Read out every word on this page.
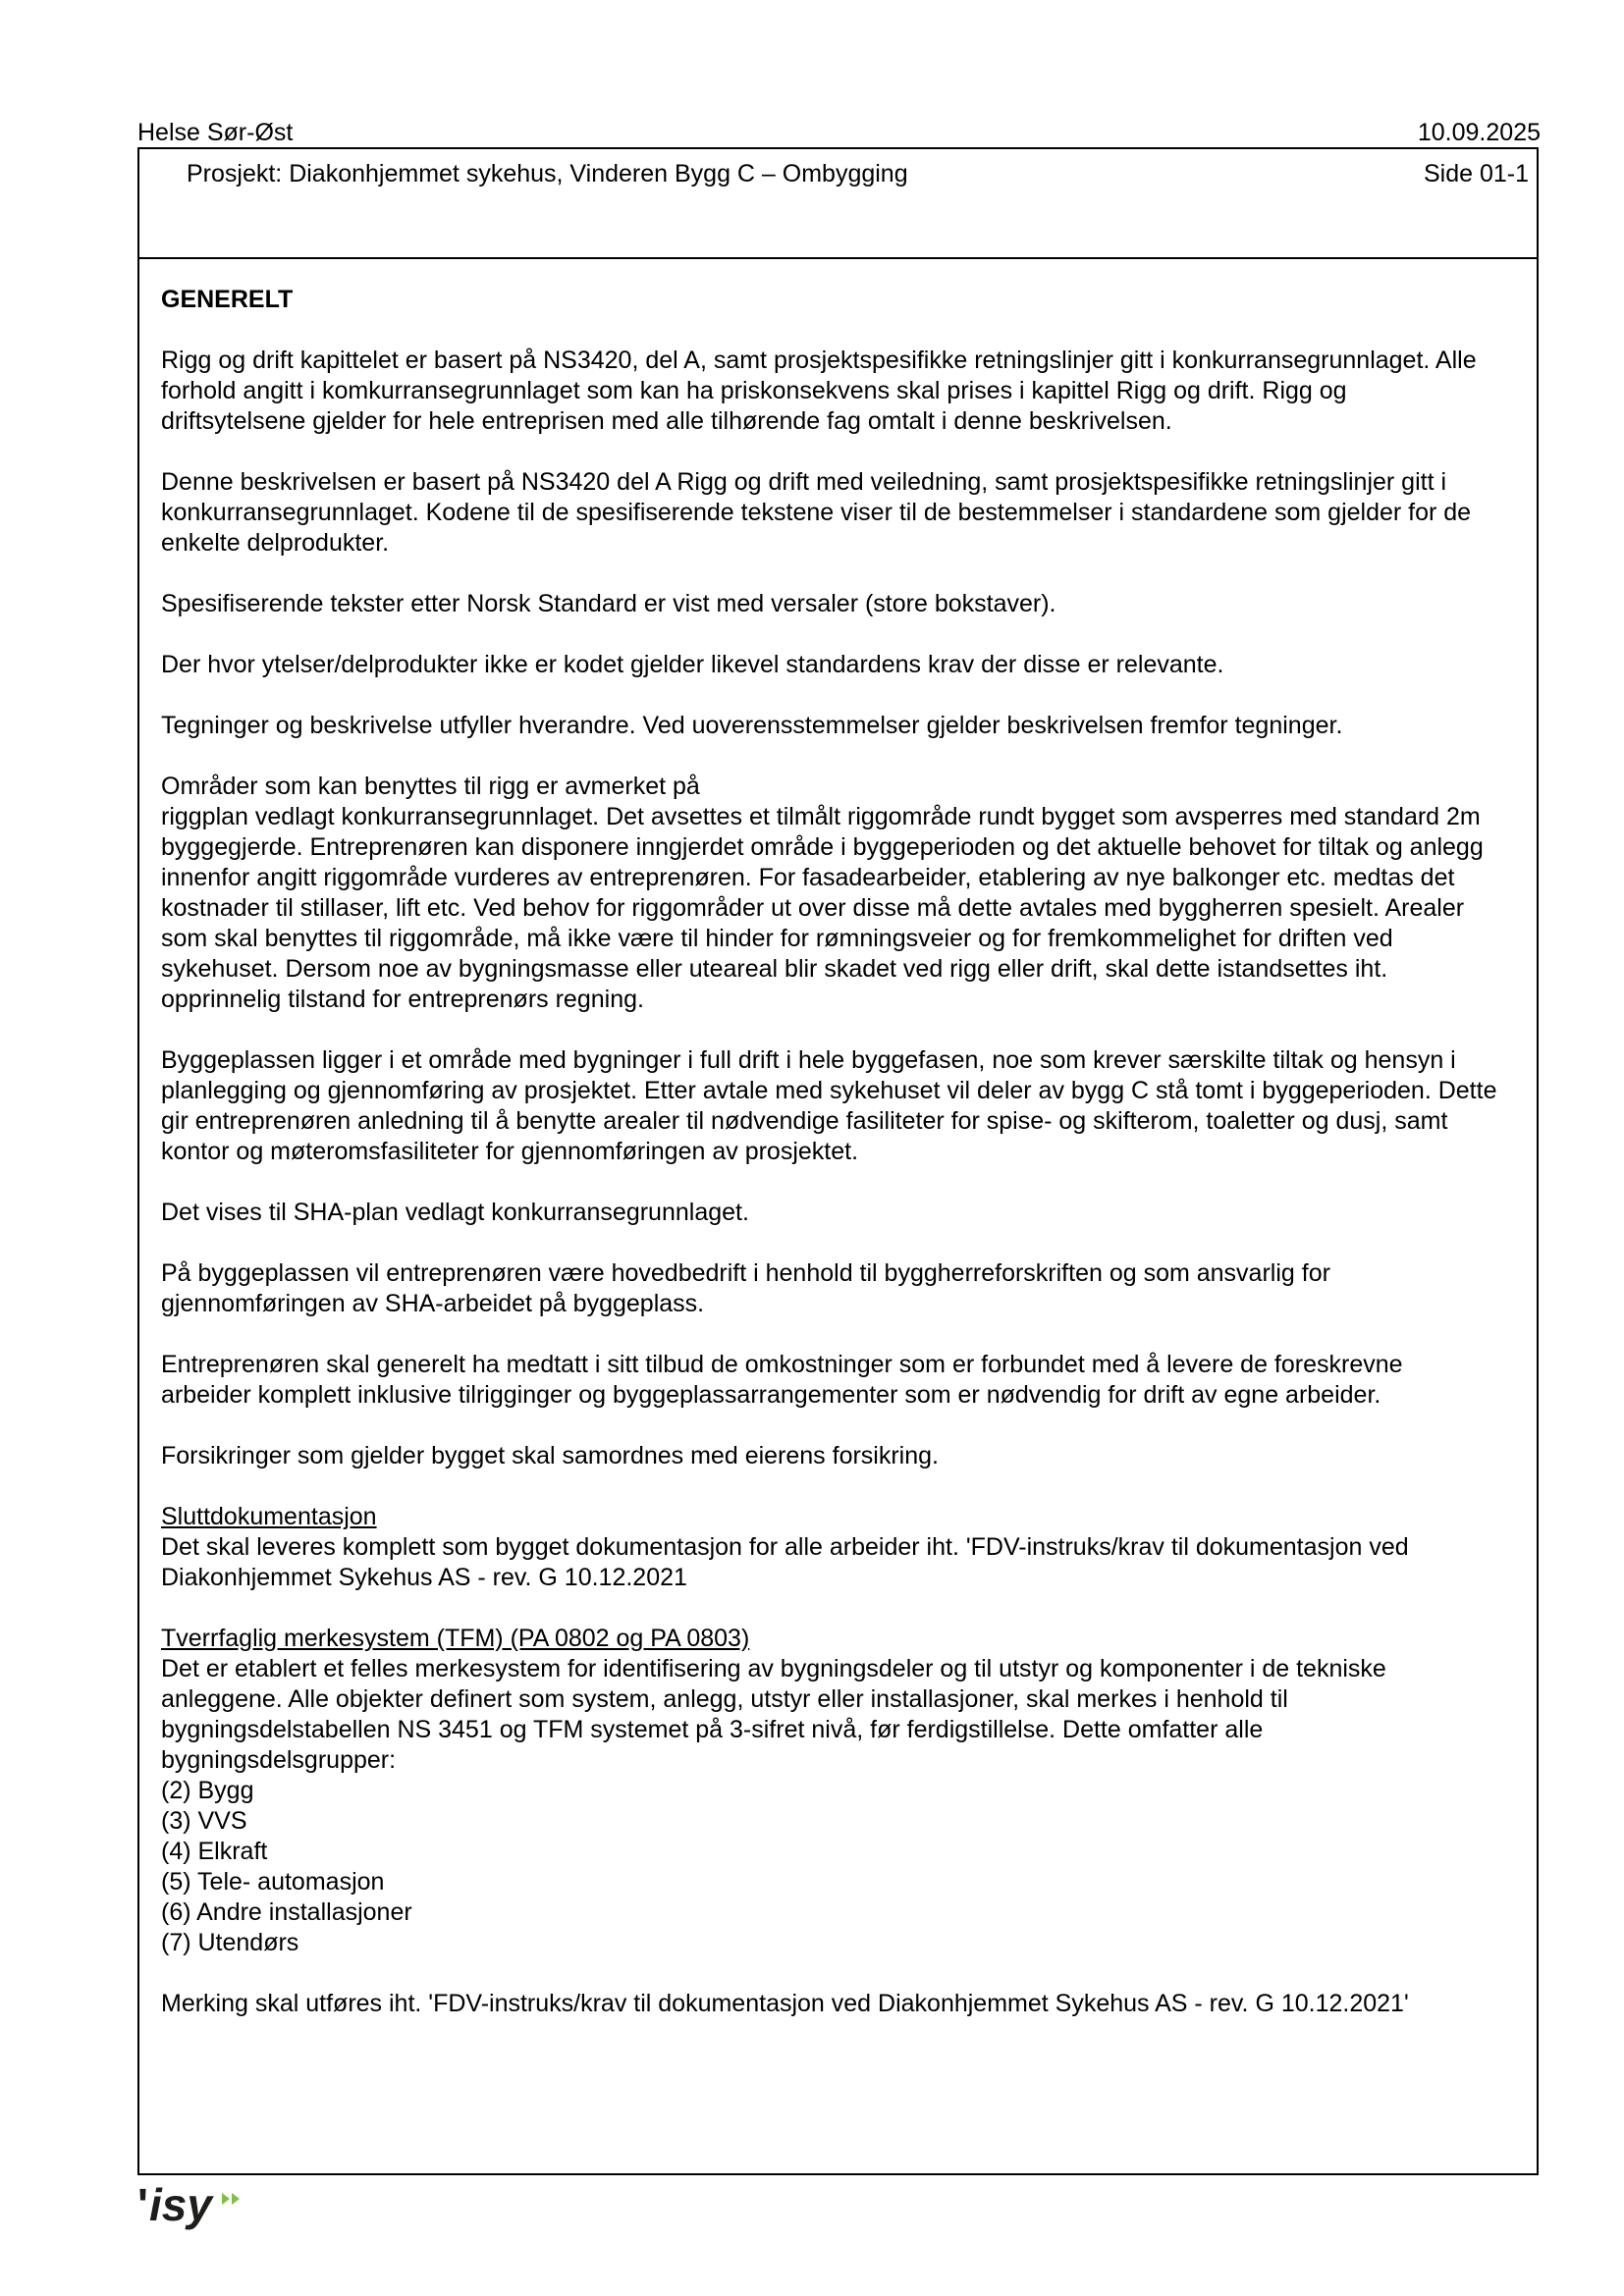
Helse Sør-Øst	10.09.2025
Prosjekt: Diakonhjemmet sykehus, Vinderen Bygg C – Ombygging	Side 01-1
GENERELT

Rigg og drift kapittelet er basert på NS3420, del A, samt prosjektspesifikke retningslinjer gitt i konkurransegrunnlaget. Alle forhold angitt i komkurransegrunnlaget som kan ha priskonsekvens skal prises i kapittel Rigg og drift. Rigg og driftsytelsene gjelder for hele entreprisen med alle tilhørende fag omtalt i denne beskrivelsen.

Denne beskrivelsen er basert på NS3420 del A Rigg og drift med veiledning, samt prosjektspesifikke retningslinjer gitt i konkurransegrunnlaget. Kodene til de spesifiserende tekstene viser til de bestemmelser i standardene som gjelder for de enkelte delprodukter.

Spesifiserende tekster etter Norsk Standard er vist med versaler (store bokstaver).

Der hvor ytelser/delprodukter ikke er kodet gjelder likevel standardens krav der disse er relevante.

Tegninger og beskrivelse utfyller hverandre. Ved uoverensstemmelser gjelder beskrivelsen fremfor tegninger.

Områder som kan benyttes til rigg er avmerket på
riggplan vedlagt konkurransegrunnlaget. Det avsettes et tilmålt riggområde rundt bygget som avsperres med standard 2m byggegjerde. Entreprenøren kan disponere inngjerdet område i byggeperioden og det aktuelle behovet for tiltak og anlegg innenfor angitt riggområde vurderes av entreprenøren. For fasadearbeider, etablering av nye balkonger etc. medtas det kostnader til stillaser, lift etc. Ved behov for riggområder ut over disse må dette avtales med byggherren spesielt. Arealer som skal benyttes til riggområde, må ikke være til hinder for rømningsveier og for fremkommelighet for driften ved sykehuset. Dersom noe av bygningsmasse eller uteareal blir skadet ved rigg eller drift, skal dette istandsettes iht. opprinnelig tilstand for entreprenørs regning.

Byggeplassen ligger i et område med bygninger i full drift i hele byggefasen, noe som krever særskilte tiltak og hensyn i planlegging og gjennomføring av prosjektet. Etter avtale med sykehuset vil deler av bygg C stå tomt i byggeperioden. Dette gir entreprenøren anledning til å benytte arealer til nødvendige fasiliteter for spise- og skifterom, toaletter og dusj, samt kontor og møteromsfasiliteter for gjennomføringen av prosjektet.

Det vises til SHA-plan vedlagt konkurransegrunnlaget.

På byggeplassen vil entreprenøren være hovedbedrift i henhold til byggherreforskriften og som ansvarlig for gjennomføringen av SHA-arbeidet på byggeplass.

Entreprenøren skal generelt ha medtatt i sitt tilbud de omkostninger som er forbundet med å levere de foreskrevne arbeider komplett inklusive tilrigginger og byggeplassarrangementer som er nødvendig for drift av egne arbeider.

Forsikringer som gjelder bygget skal samordnes med eierens forsikring.

Sluttdokumentasjon
Det skal leveres komplett som bygget dokumentasjon for alle arbeider iht. 'FDV-instruks/krav til dokumentasjon ved Diakonhjemmet Sykehus AS - rev. G 10.12.2021

Tverrfaglig merkesystem (TFM) (PA 0802 og PA 0803)
Det er etablert et felles merkesystem for identifisering av bygningsdeler og til utstyr og komponenter i de tekniske anleggene. Alle objekter definert som system, anlegg, utstyr eller installasjoner, skal merkes i henhold til bygningsdelstabellen NS 3451 og TFM systemet på 3-sifret nivå, før ferdigstillelse. Dette omfatter alle bygningsdelsgrupper:
(2) Bygg
(3) VVS
(4) Elkraft
(5) Tele- automasjon
(6) Andre installasjoner
(7) Utendørs

Merking skal utføres iht. 'FDV-instruks/krav til dokumentasjon ved Diakonhjemmet Sykehus AS - rev. G 10.12.2021'

' isy
